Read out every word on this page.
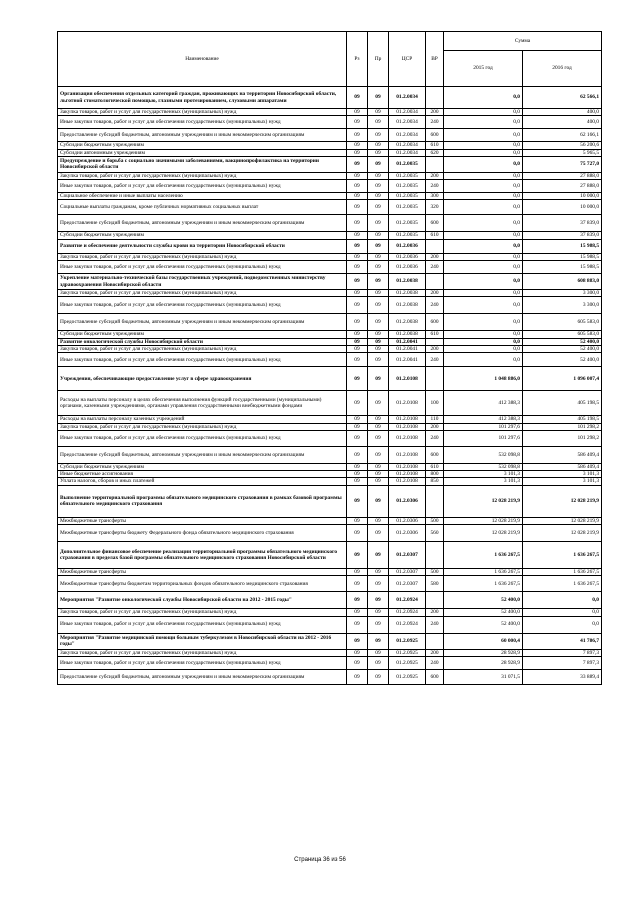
Наименование	Рз	Пр	ЦСР	ВР	Сумма	
					2015 год	2016 год
Организация обеспечения отдельных категорий граждан, проживающих на территории Новосибирской области, льготной стоматологической помощью, глазными протезированием, слуховыми аппаратами	09	09	01.2.0034		0,0	62 566,1
Закупка товаров, работ и услуг для государственных (муниципальных) нужд	09	09	01.2.0034	200	0,0	400,0
Иные закупки товаров, работ и услуг для обеспечения государственных (муниципальных) нужд	09	09	01.2.0034	240	0,0	400,0
Предоставление субсидий бюджетным, автономным учреждениям и иным некоммерческим организациям	09	09	01.2.0034	600	0,0	62 166,1
Субсидии бюджетным учреждениям	09	09	01.2.0034	610	0,0	56 200,6
Субсидии автономным учреждениям	09	09	01.2.0034	620	0,0	5 965,5
Предупреждение и борьба с социально значимыми заболеваниями, вакцинопрофилактика на территории Новосибирской области	09	09	01.2.0035		0,0	75 727,0
Закупка товаров, работ и услуг для государственных (муниципальных) нужд	09	09	01.2.0035	200	0,0	27 888,0
Иные закупки товаров, работ и услуг для обеспечения государственных (муниципальных) нужд	09	09	01.2.0035	240	0,0	27 888,0
Социальное обеспечение и иные выплаты населению	09	09	01.2.0035	300	0,0	10 000,0
Социальные выплаты гражданам, кроме публичных нормативных социальных выплат	09	09	01.2.0035	320	0,0	10 000,0
Предоставление субсидий бюджетным, автономным учреждениям и иным некоммерческим организациям	09	09	01.2.0035	600	0,0	37 839,0
Субсидии бюджетным учреждениям	09	09	01.2.0035	610	0,0	37 839,0
Развитие и обеспечение деятельности службы крови на территории Новосибирской области	09	09	01.2.0036		0,0	15 988,5
Закупка товаров, работ и услуг для государственных (муниципальных) нужд	09	09	01.2.0036	200	0,0	15 988,5
Иные закупки товаров, работ и услуг для обеспечения государственных (муниципальных) нужд	09	09	01.2.0036	240	0,0	15 988,5
Укрепление материально-технической базы государственных учреждений, подведомственных министерству здравоохранения Новосибирской области	09	09	01.2.0038		0,0	608 883,0
Закупка товаров, работ и услуг для государственных (муниципальных) нужд	09	09	01.2.0038	200	0,0	3 300,0
Иные закупки товаров, работ и услуг для обеспечения государственных (муниципальных) нужд	09	09	01.2.0038	240	0,0	3 300,0
Предоставление субсидий бюджетным, автономным учреждениям и иным некоммерческим организациям	09	09	01.2.0038	600	0,0	605 583,0
Субсидии бюджетным учреждениям	09	09	01.2.0038	610	0,0	605 583,0
Развитие онкологической службы Новосибирской области	09	09	01.2.0041		0,0	52 400,0
Закупка товаров, работ и услуг для государственных (муниципальных) нужд	09	09	01.2.0041	200	0,0	52 400,0
Иные закупки товаров, работ и услуг для обеспечения государственных (муниципальных) нужд	09	09	01.2.0041	240	0,0	52 400,0
Учреждения, обеспечивающие предоставление услуг в сфере здравоохранения	09	09	01.2.0108		1 048 886,0	1 096 007,4
Расходы на выплаты персоналу в целях обеспечения выполнения функций государственными (муниципальными) органами, казенными учреждениями, органами управления государственными внебюджетными фондами	09	09	01.2.0108	100	412 388,3	405 198,5
Расходы на выплаты персоналу казенных учреждений	09	09	01.2.0108	110	412 388,3	405 198,5
Закупка товаров, работ и услуг для государственных (муниципальных) нужд	09	09	01.2.0108	200	101 297,6	101 298,2
Иные закупки товаров, работ и услуг для обеспечения государственных (муниципальных) нужд	09	09	01.2.0108	240	101 297,6	101 298,2
Предоставление субсидий бюджетным, автономным учреждениям и иным некоммерческим организациям	09	09	01.2.0108	600	532 098,8	586 409,4
Субсидии бюджетным учреждениям	09	09	01.2.0108	610	532 098,8	586 409,4
Иные бюджетные ассигнования	09	09	01.2.0108	800	3 101,3	3 101,3
Уплата налогов, сборов и иных платежей	09	09	01.2.0108	850	3 101,3	3 101,3
Выполнение территориальной программы обязательного медицинского страхования в рамках базовой программы обязательного медицинского страхования	09	09	01.2.0306		12 028 219,9	12 028 219,9
Межбюджетные трансферты	09	09	01.2.0306	500	12 028 219,9	12 028 219,9
Межбюджетные трансферты бюджету Федерального фонда обязательного медицинского страхования	09	09	01.2.0306	560	12 028 219,9	12 028 219,9
Дополнительное финансовое обеспечение реализации территориальной программы обязательного медицинского страхования в пределах базой программы обязательного медицинского страхования Новосибирской области	09	09	01.2.0307		1 636 267,5	1 636 267,5
Межбюджетные трансферты	09	09	01.2.0307	500	1 636 267,5	1 636 267,5
Межбюджетные трансферты бюджетам территориальных фондов обязательного медицинского страхования	09	09	01.2.0307	580	1 636 267,5	1 636 267,5
Мероприятия "Развитие онкологической службы Новосибирской области на 2012 - 2015 годы"	09	09	01.2.0924		52 400,0	0,0
Закупка товаров, работ и услуг для государственных (муниципальных) нужд	09	09	01.2.0924	200	52 400,0	0,0
Иные закупки товаров, работ и услуг для обеспечения государственных (муниципальных) нужд	09	09	01.2.0924	240	52 400,0	0,0
Мероприятия "Развитие медицинской помощи больным туберкулезом в Новосибирской области на 2012 - 2016 годы"	09	09	01.2.0925		60 000,4	41 786,7
Закупка товаров, работ и услуг для государственных (муниципальных) нужд	09	09	01.2.0925	200	28 928,9	7 897,3
Иные закупки товаров, работ и услуг для обеспечения государственных (муниципальных) нужд	09	09	01.2.0925	240	28 928,9	7 897,3
Предоставление субсидий бюджетным, автономным учреждениям и иным некоммерческим организациям	09	09	01.2.0925	600	31 071,5	33 889,4
Страница 36 из 56
